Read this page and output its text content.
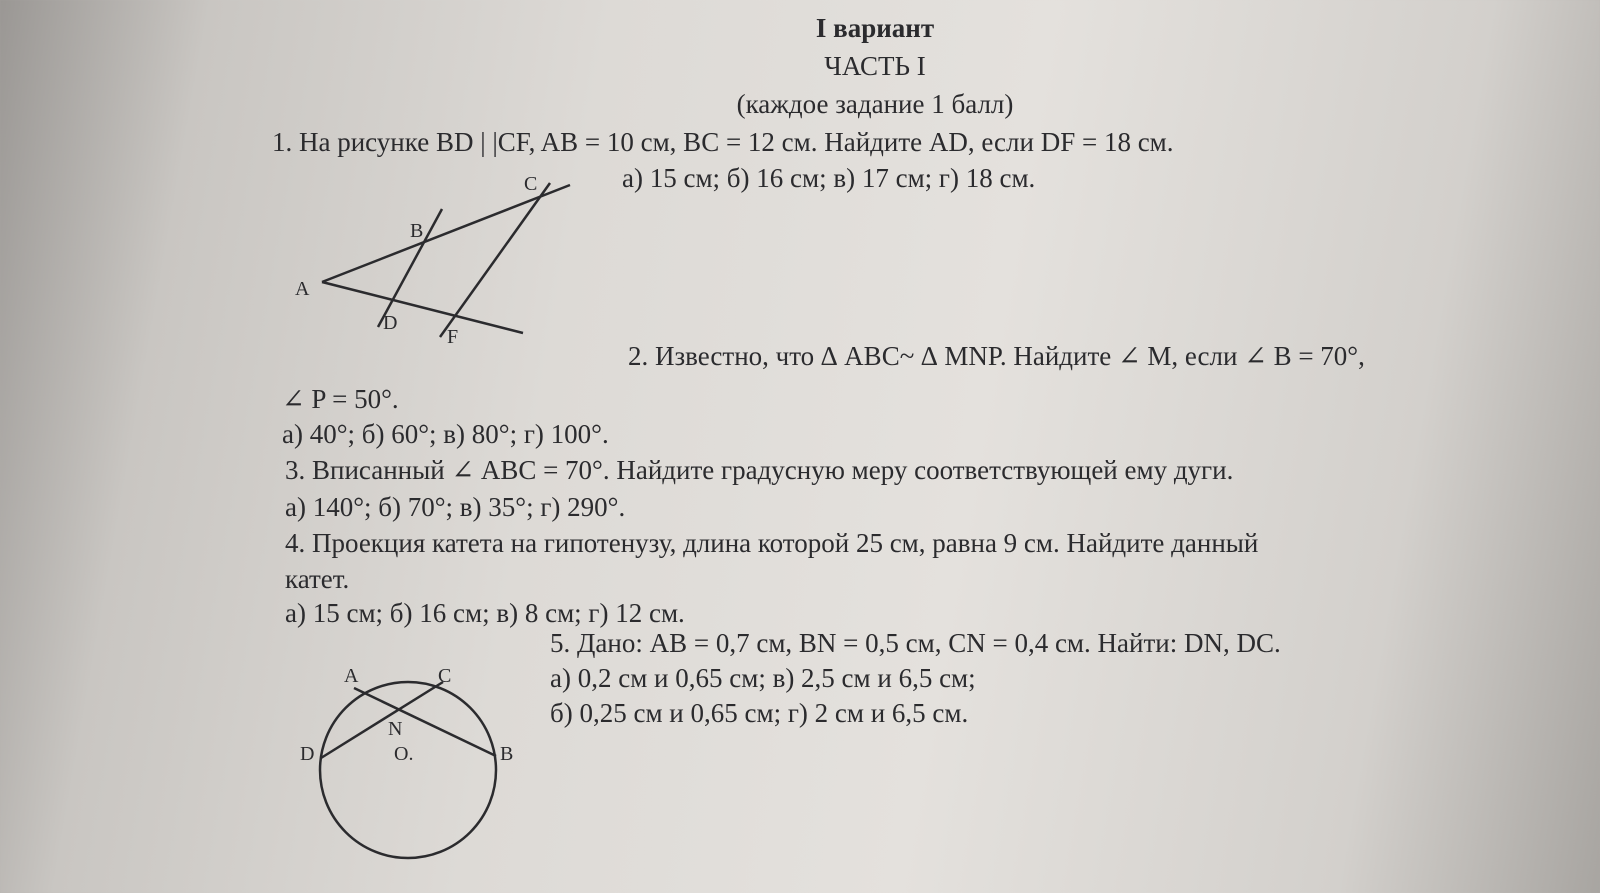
I вариант
ЧАСТЬ I
(каждое задание 1 балл)
1. На рисунке BD | |CF, AB = 10 см, BC = 12 см. Найдите AD, если DF = 18 см.
а) 15 см; б) 16 см; в) 17 см; г) 18 см.
A
B
C
D
F
2. Известно, что ∆ ABC~ ∆ MNP. Найдите ∠ M, если ∠ B = 70°,
∠ P = 50°.
а) 40°; б) 60°; в) 80°; г) 100°.
3. Вписанный ∠ ABC = 70°. Найдите градусную меру соответствующей ему дуги.
а) 140°; б) 70°; в) 35°; г) 290°.
4. Проекция катета на гипотенузу, длина которой 25 см, равна 9 см. Найдите данный
катет.
а) 15 см; б) 16 см; в) 8 см; г) 12 см.
5. Дано: AB = 0,7 см, BN = 0,5 см, CN = 0,4 см. Найти: DN, DC.
а) 0,2 см и 0,65 см; в) 2,5 см и 6,5 см;
б) 0,25 см и 0,65 см; г) 2 см и 6,5 см.
A	C
N
O.
D	B
